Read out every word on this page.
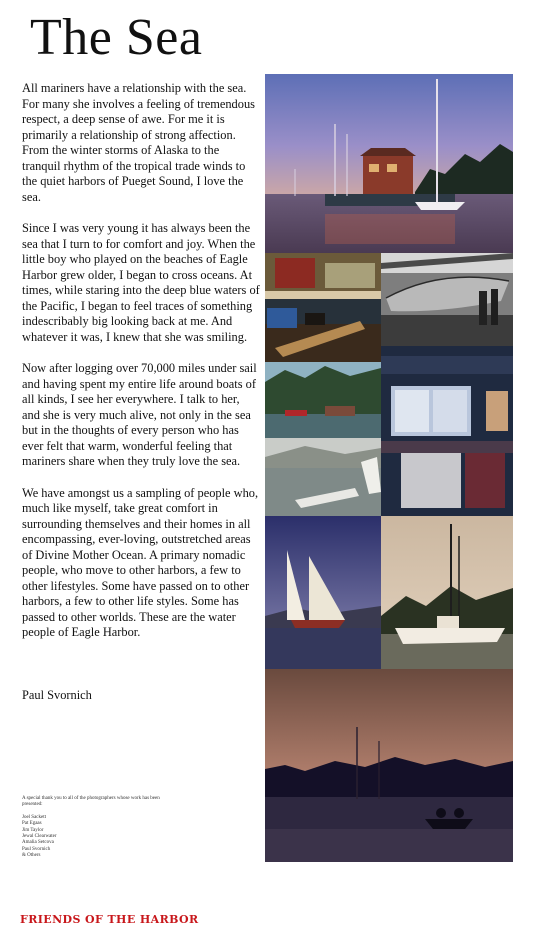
The Sea

All mariners have a relationship with the sea. For many she involves a feeling of tremendous respect, a deep sense of awe. For me it is primarily a relationship of strong affection. From the winter storms of Alaska to the tranquil rhythm of the tropical trade winds to the quiet harbors of Pueget Sound, I love the sea.

Since I was very young it has always been the sea that I turn to for comfort and joy. When the little boy who played on the beaches of Eagle Harbor grew older, I began to cross oceans. At times, while staring into the deep blue waters of the Pacific, I began to feel traces of something indescribably big looking back at me. And whatever it was, I knew that she was smiling.

Now after logging over 70,000 miles under sail and having spent my entire life around boats of all kinds, I see her everywhere. I talk to her, and she is very much alive, not only in the sea but in the thoughts of every person who has ever felt that warm, wonderful feeling that mariners share when they truly love the sea.

We have amongst us a sampling of people who, much like myself, take great comfort in surrounding themselves and their homes in all encompassing, ever-loving, outstretched areas of Divine Mother Ocean. A primary nomadic people, who move to other harbors, a few to other lifestyles. Some have passed on to other harbors, a few to other life styles. Some has passed to other worlds. These are the water people of Eagle Harbor.

Paul Svornich

A special thank you to all of the photographers whose work has been presented:

Joel Sackett
Pat Egaas
Jim Taylor
Jewal Clearwater
Amalia Setcova
Paul Svornich
& Others

FRIENDS OF THE HARBOR
